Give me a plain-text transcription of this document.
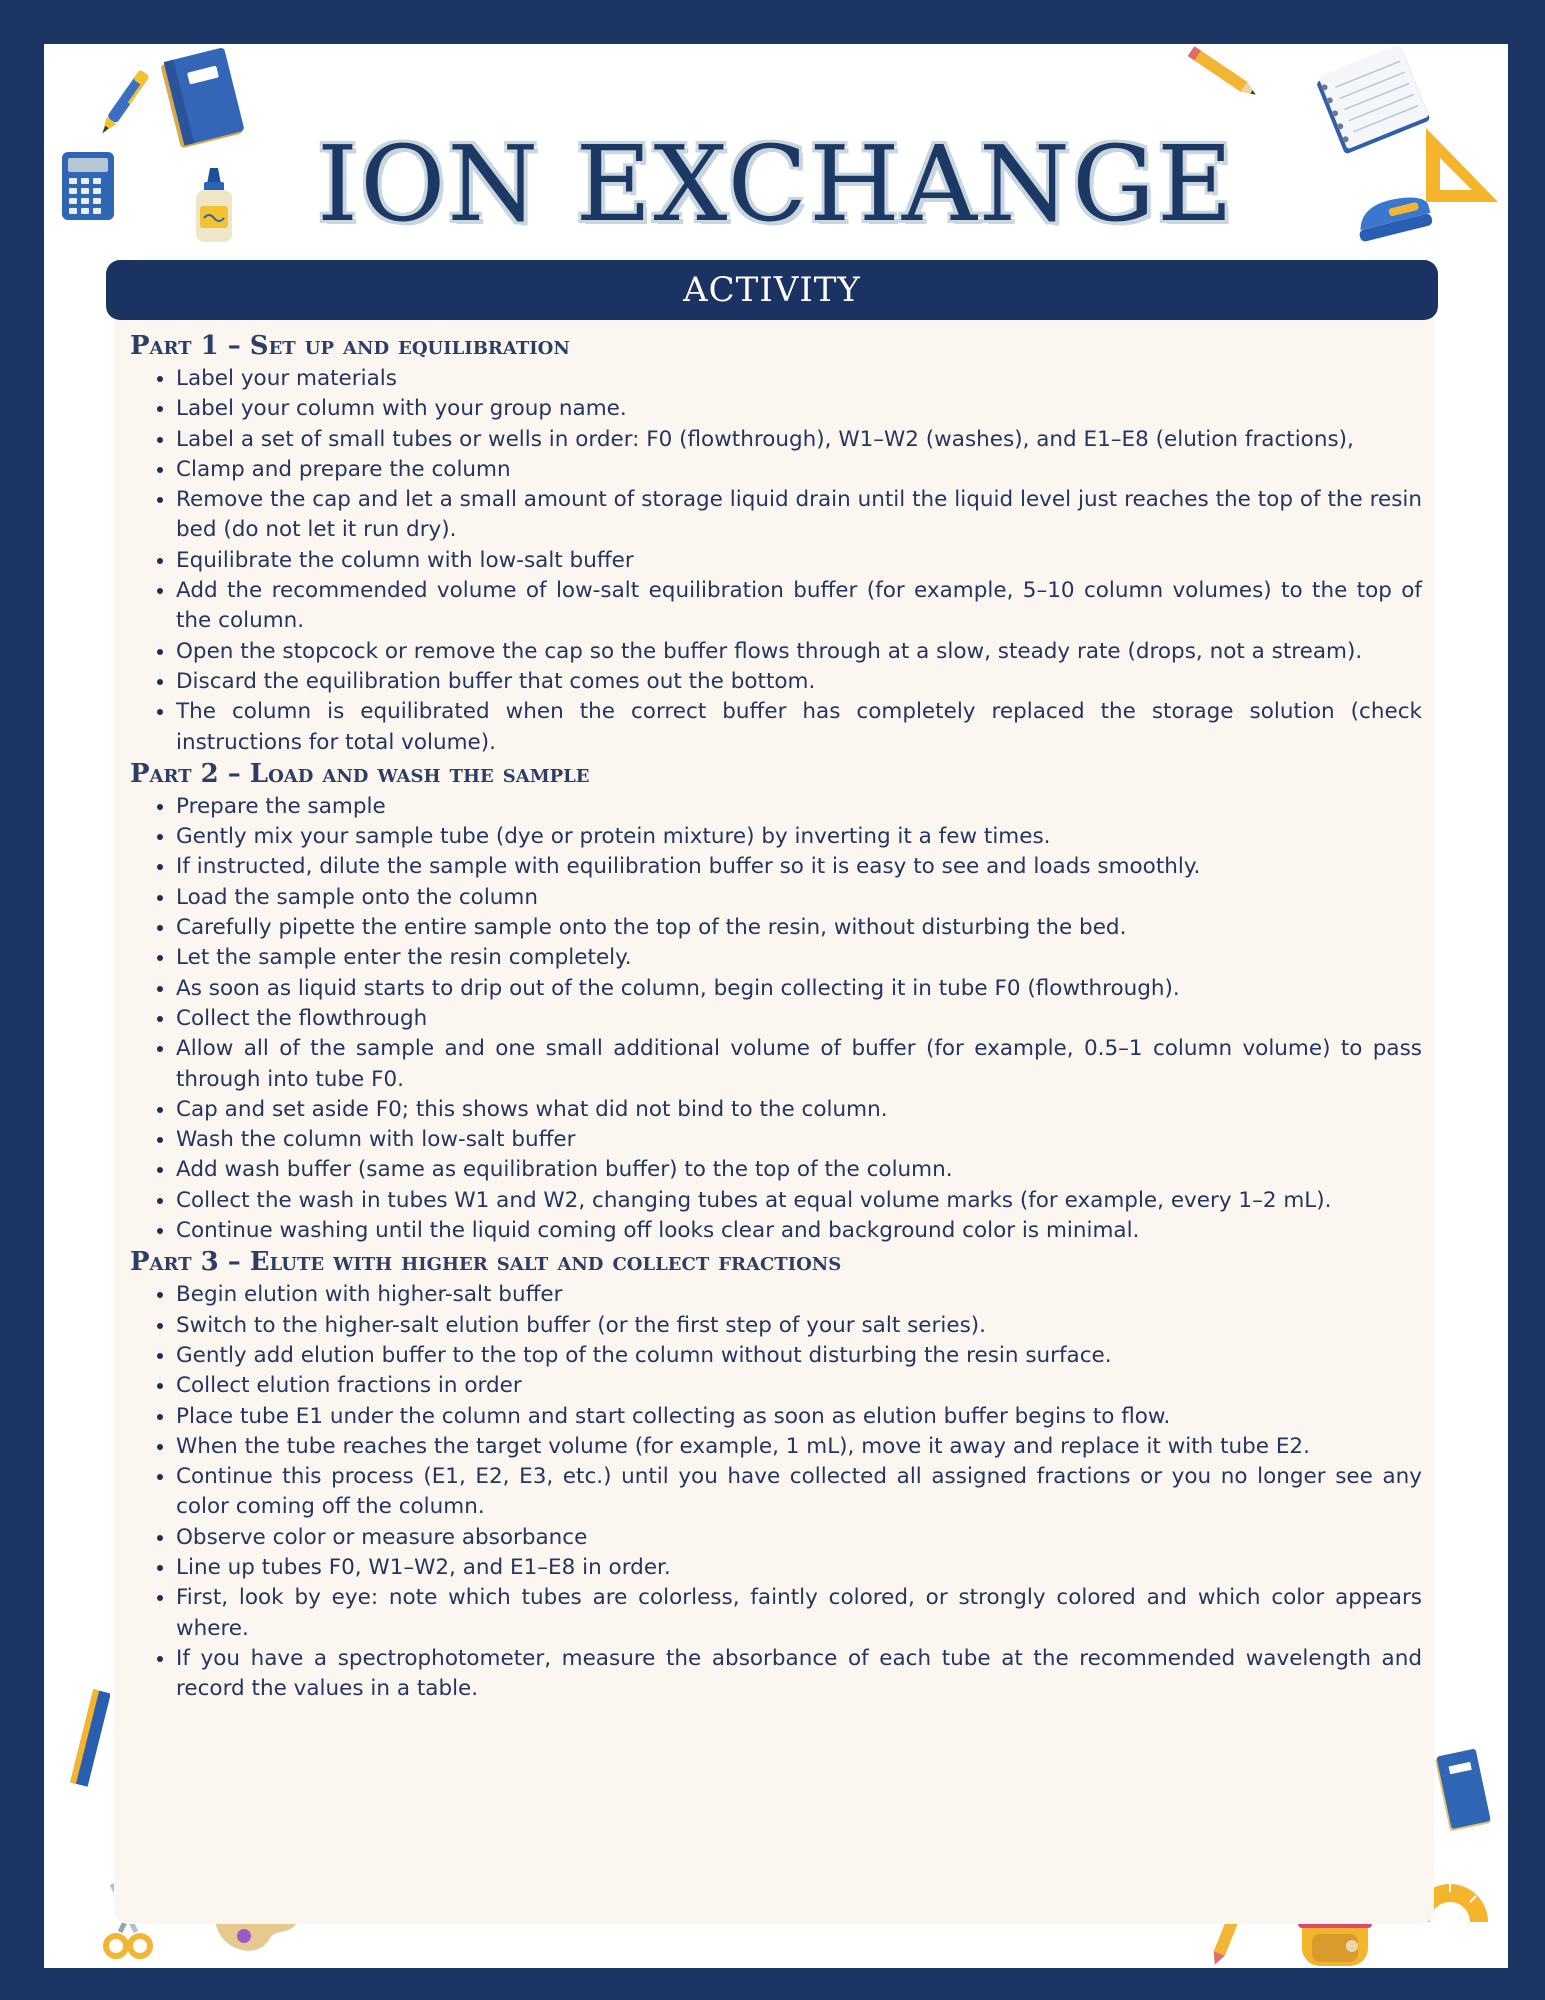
ION EXCHANGE
Part 1 – Set up and equilibration
• Label your materials
• Label your column with your group name.
• Label a set of small tubes or wells in order: F0 (flowthrough), W1–W2 (washes), and E1–E8 (elution fractions),
• Clamp and prepare the column
• Remove the cap and let a small amount of storage liquid drain until the liquid level just reaches the top of the resin bed (do not let it run dry).
• Equilibrate the column with low-salt buffer
• Add the recommended volume of low-salt equilibration buffer (for example, 5–10 column volumes) to the top of the column.
• Open the stopcock or remove the cap so the buffer flows through at a slow, steady rate (drops, not a stream).
• Discard the equilibration buffer that comes out the bottom.
• The column is equilibrated when the correct buffer has completely replaced the storage solution (check instructions for total volume).
Part 2 – Load and wash the sample
• Prepare the sample
• Gently mix your sample tube (dye or protein mixture) by inverting it a few times.
• If instructed, dilute the sample with equilibration buffer so it is easy to see and loads smoothly.
• Load the sample onto the column
• Carefully pipette the entire sample onto the top of the resin, without disturbing the bed.
• Let the sample enter the resin completely.
• As soon as liquid starts to drip out of the column, begin collecting it in tube F0 (flowthrough).
• Collect the flowthrough
• Allow all of the sample and one small additional volume of buffer (for example, 0.5–1 column volume) to pass through into tube F0.
• Cap and set aside F0; this shows what did not bind to the column.
• Wash the column with low-salt buffer
• Add wash buffer (same as equilibration buffer) to the top of the column.
• Collect the wash in tubes W1 and W2, changing tubes at equal volume marks (for example, every 1–2 mL).
• Continue washing until the liquid coming off looks clear and background color is minimal.
Part 3 – Elute with higher salt and collect fractions
• Begin elution with higher-salt buffer
• Switch to the higher-salt elution buffer (or the first step of your salt series).
• Gently add elution buffer to the top of the column without disturbing the resin surface.
• Collect elution fractions in order
• Place tube E1 under the column and start collecting as soon as elution buffer begins to flow.
• When the tube reaches the target volume (for example, 1 mL), move it away and replace it with tube E2.
• Continue this process (E1, E2, E3, etc.) until you have collected all assigned fractions or you no longer see any color coming off the column.
• Observe color or measure absorbance
• Line up tubes F0, W1–W2, and E1–E8 in order.
• First, look by eye: note which tubes are colorless, faintly colored, or strongly colored and which color appears where.
• If you have a spectrophotometer, measure the absorbance of each tube at the recommended wavelength and record the values in a table.
ACTIVITY
